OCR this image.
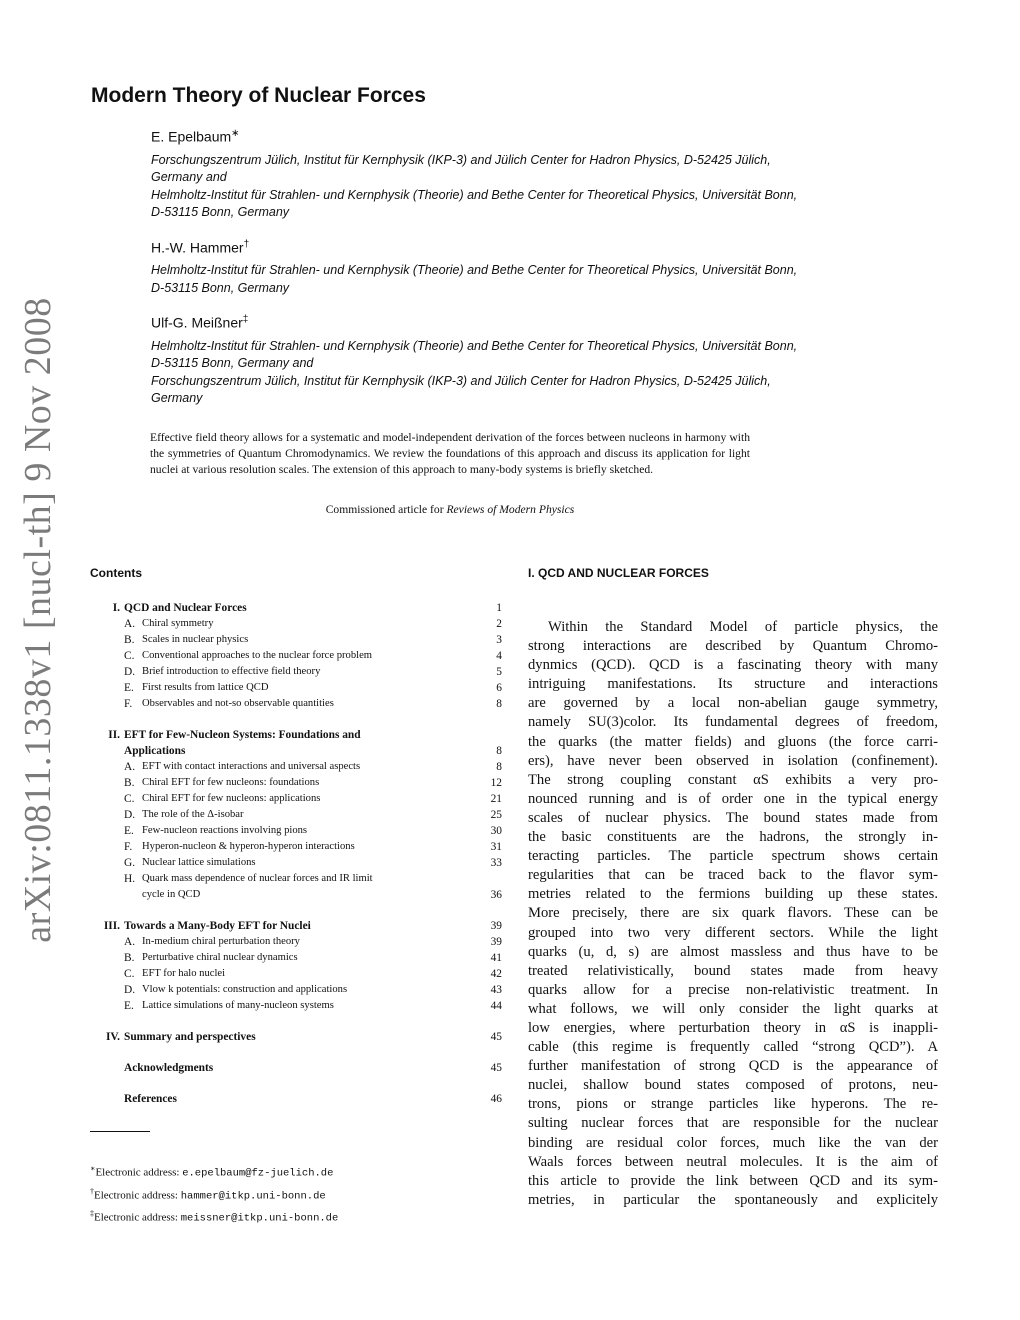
arXiv:0811.1338v1 [nucl-th] 9 Nov 2008
Modern Theory of Nuclear Forces
E. Epelbaum∗
Forschungszentrum Jülich, Institut für Kernphysik (IKP-3) and Jülich Center for Hadron Physics, D-52425 Jülich,
Germany and
Helmholtz-Institut für Strahlen- und Kernphysik (Theorie) and Bethe Center for Theoretical Physics, Universität Bonn,
D-53115 Bonn, Germany
H.-W. Hammer†
Helmholtz-Institut für Strahlen- und Kernphysik (Theorie) and Bethe Center for Theoretical Physics, Universität Bonn,
D-53115 Bonn, Germany
Ulf-G. Meißner‡
Helmholtz-Institut für Strahlen- und Kernphysik (Theorie) and Bethe Center for Theoretical Physics, Universität Bonn,
D-53115 Bonn, Germany and
Forschungszentrum Jülich, Institut für Kernphysik (IKP-3) and Jülich Center for Hadron Physics, D-52425 Jülich,
Germany
Effective field theory allows for a systematic and model-independent derivation of the forces between nucleons in harmony with the symmetries of Quantum Chromodynamics. We review the foundations of this approach and discuss its application for light nuclei at various resolution scales. The extension of this approach to many-body systems is briefly sketched.
Commissioned article for Reviews of Modern Physics
Contents	I. QCD AND NUCLEAR FORCES
I. QCD and Nuclear Forces	1
A. Chiral symmetry	2
B. Scales in nuclear physics	3
C. Conventional approaches to the nuclear force problem	4
D. Brief introduction to effective field theory	5
E. First results from lattice QCD	6
F. Observables and not-so observable quantities	8
II. EFT for Few-Nucleon Systems: Foundations and
Applications	8
A. EFT with contact interactions and universal aspects	8
B. Chiral EFT for few nucleons: foundations	12
C. Chiral EFT for few nucleons: applications	21
D. The role of the Δ-isobar	25
E. Few-nucleon reactions involving pions	30
F. Hyperon-nucleon & hyperon-hyperon interactions	31
G. Nuclear lattice simulations	33
H. Quark mass dependence of nuclear forces and IR limit
cycle in QCD	36
III. Towards a Many-Body EFT for Nuclei	39
A. In-medium chiral perturbation theory	39
B. Perturbative chiral nuclear dynamics	41
C. EFT for halo nuclei	42
D. Vlow k potentials: construction and applications	43
E. Lattice simulations of many-nucleon systems	44
IV. Summary and perspectives	45
Acknowledgments	45
References	46
∗Electronic address: e.epelbaum@fz-juelich.de
†Electronic address: hammer@itkp.uni-bonn.de
‡Electronic address: meissner@itkp.uni-bonn.de
Within the Standard Model of particle physics, the
strong interactions are described by Quantum Chromo-
dynmics (QCD). QCD is a fascinating theory with many
intriguing manifestations. Its structure and interactions
are governed by a local non-abelian gauge symmetry,
namely SU(3)color. Its fundamental degrees of freedom,
the quarks (the matter fields) and gluons (the force carri-
ers), have never been observed in isolation (confinement).
The strong coupling constant αS exhibits a very pro-
nounced running and is of order one in the typical energy
scales of nuclear physics. The bound states made from
the basic constituents are the hadrons, the strongly in-
teracting particles. The particle spectrum shows certain
regularities that can be traced back to the flavor sym-
metries related to the fermions building up these states.
More precisely, there are six quark flavors. These can be
grouped into two very different sectors. While the light
quarks (u, d, s) are almost massless and thus have to be
treated relativistically, bound states made from heavy
quarks allow for a precise non-relativistic treatment. In
what follows, we will only consider the light quarks at
low energies, where perturbation theory in αS is inappli-
cable (this regime is frequently called “strong QCD”). A
further manifestation of strong QCD is the appearance of
nuclei, shallow bound states composed of protons, neu-
trons, pions or strange particles like hyperons. The re-
sulting nuclear forces that are responsible for the nuclear
binding are residual color forces, much like the van der
Waals forces between neutral molecules. It is the aim of
this article to provide the link between QCD and its sym-
metries, in particular the spontaneously and explicitely
